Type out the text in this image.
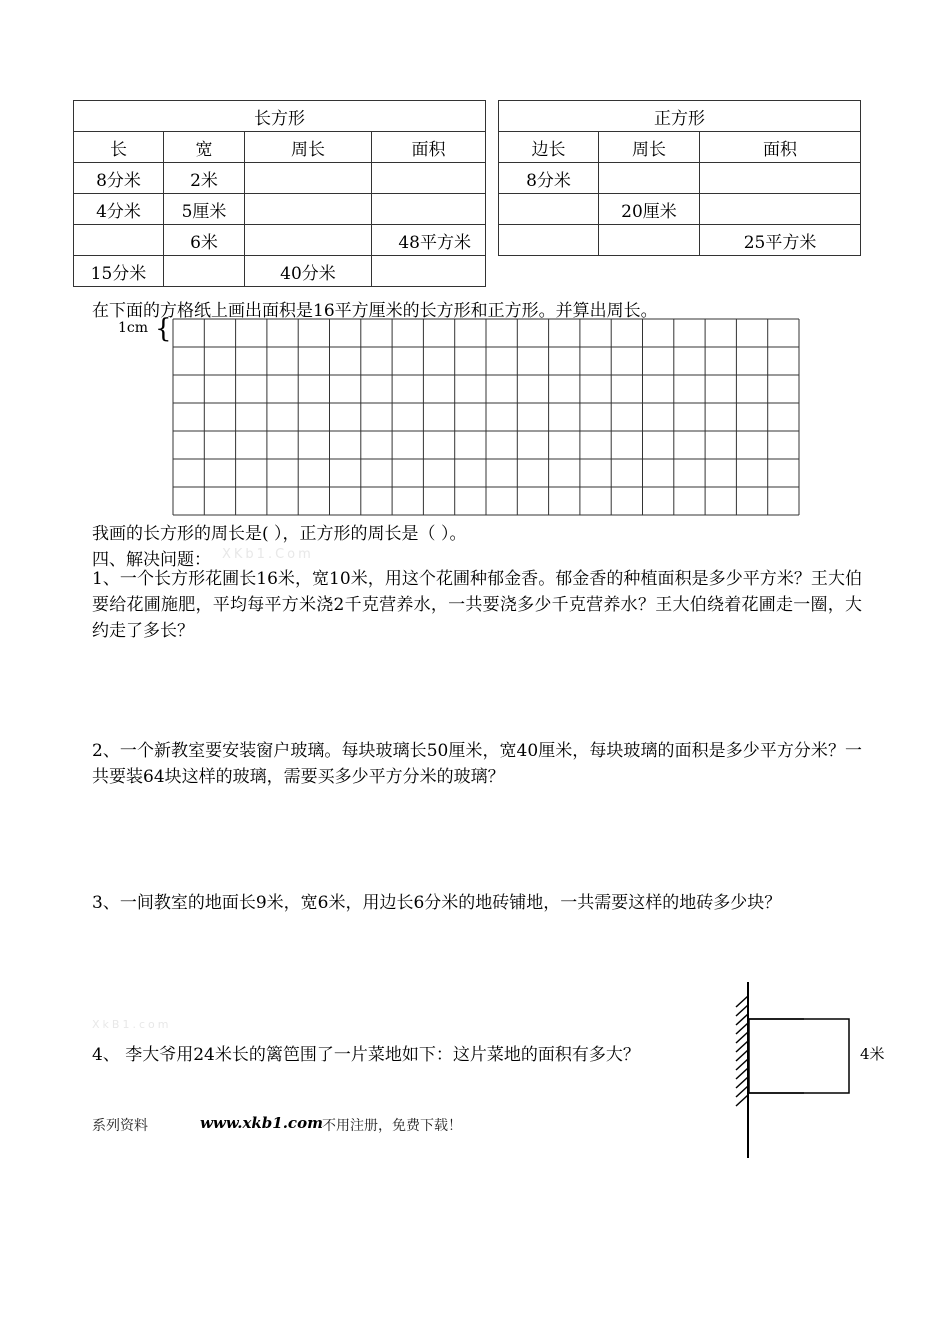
长方形			
长	宽	周长	面积
8分米	2米		
4分米	5厘米		
	6米		48平方米
15分米		40分米	
正方形		
边长	周长	面积
8分米		
	20厘米	
		25平方米
在下面的方格纸上画出面积是16平方厘米的长方形和正方形。并算出周长。
1cm {
我画的长方形的周长是( ），正方形的周长是（ ）。
四、解决问题： XKb1.Com
1、一个长方形花圃长16米，宽10米，用这个花圃种郁金香。郁金香的种植面积是多少平方米？王大伯要给花圃施肥，平均每平方米浇2千克营养水，一共要浇多少千克营养水？王大伯绕着花圃走一圈，大约走了多长？
2、一个新教室要安装窗户玻璃。每块玻璃长50厘米，宽40厘米，每块玻璃的面积是多少平方分米？一共要装64块这样的玻璃，需要买多少平方分米的玻璃？
3、一间教室的地面长9米，宽6米，用边长6分米的地砖铺地，一共需要这样的地砖多少块？
XkB1.com
4、 李大爷用24米长的篱笆围了一片菜地如下：这片菜地的面积有多大？	4米
系列资料	www.xkb1.com 不用注册，免费下载！
